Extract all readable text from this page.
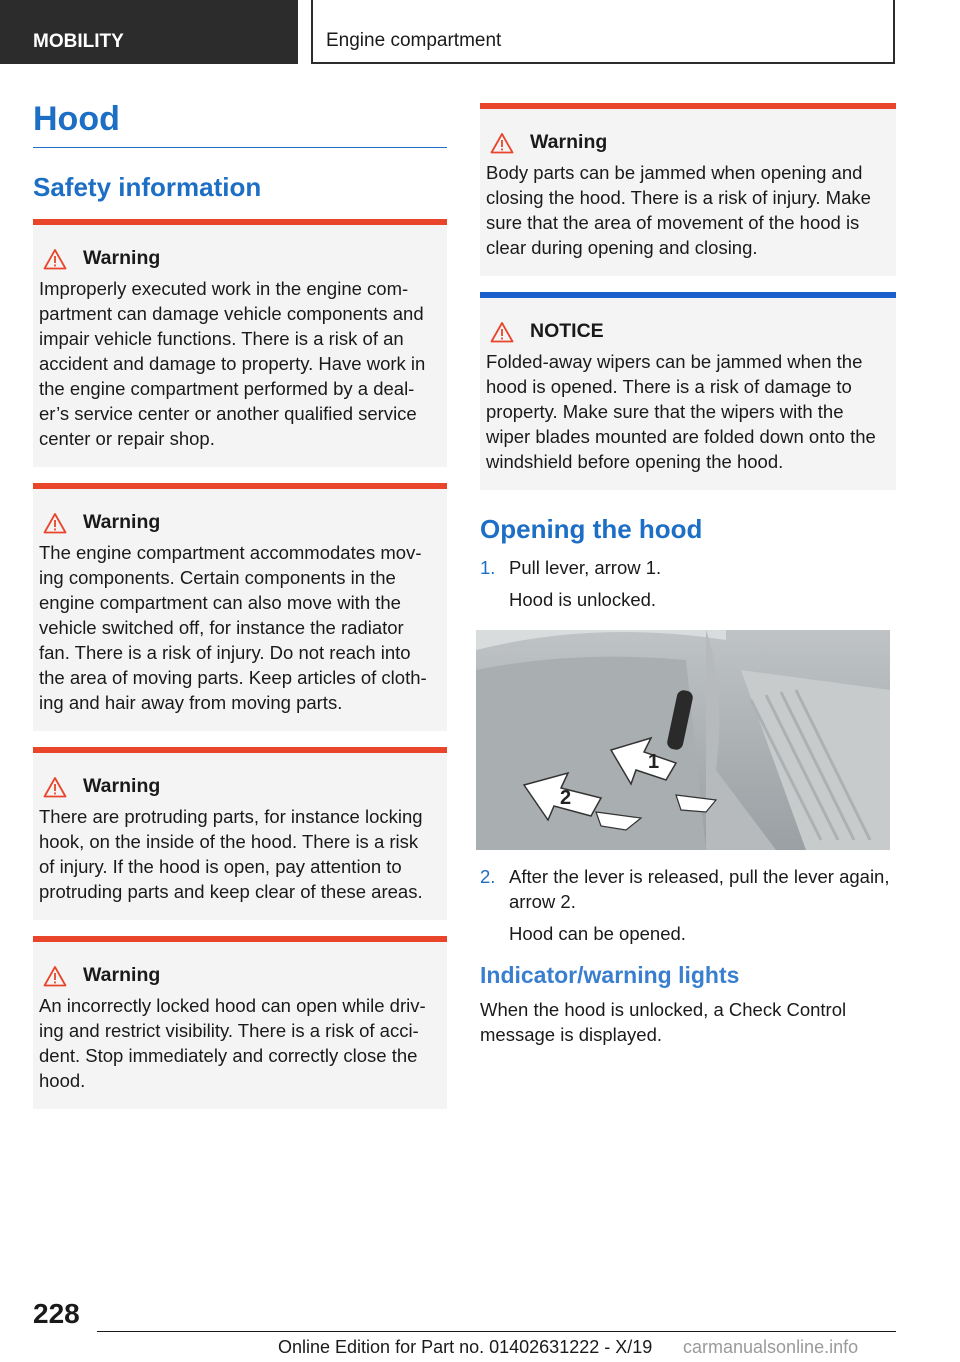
MOBILITY	Engine compartment
Hood
Safety information
Warning
Improperly executed work in the engine com‐ partment can damage vehicle components and impair vehicle functions. There is a risk of an accident and damage to property. Have work in the engine compartment performed by a deal‐ er’s service center or another qualified service center or repair shop.
Warning
The engine compartment accommodates mov‐ ing components. Certain components in the engine compartment can also move with the vehicle switched off, for instance the radiator fan. There is a risk of injury. Do not reach into the area of moving parts. Keep articles of cloth‐ ing and hair away from moving parts.
Warning
There are protruding parts, for instance locking hook, on the inside of the hood. There is a risk of injury. If the hood is open, pay attention to protruding parts and keep clear of these areas.
Warning
An incorrectly locked hood can open while driv‐ ing and restrict visibility. There is a risk of acci‐ dent. Stop immediately and correctly close the hood.
Warning
Body parts can be jammed when opening and closing the hood. There is a risk of injury. Make sure that the area of movement of the hood is clear during opening and closing.
NOTICE
Folded-away wipers can be jammed when the hood is opened. There is a risk of damage to property. Make sure that the wipers with the wiper blades mounted are folded down onto the windshield before opening the hood.
Opening the hood
1. Pull lever, arrow 1.
Hood is unlocked.
1
2
2. After the lever is released, pull the lever again, arrow 2.
Hood can be opened.
Indicator/warning lights

When the hood is unlocked, a Check Control message is displayed.

228
Online Edition for Part no. 01402631222 - X/19 carmanualsonline.info
